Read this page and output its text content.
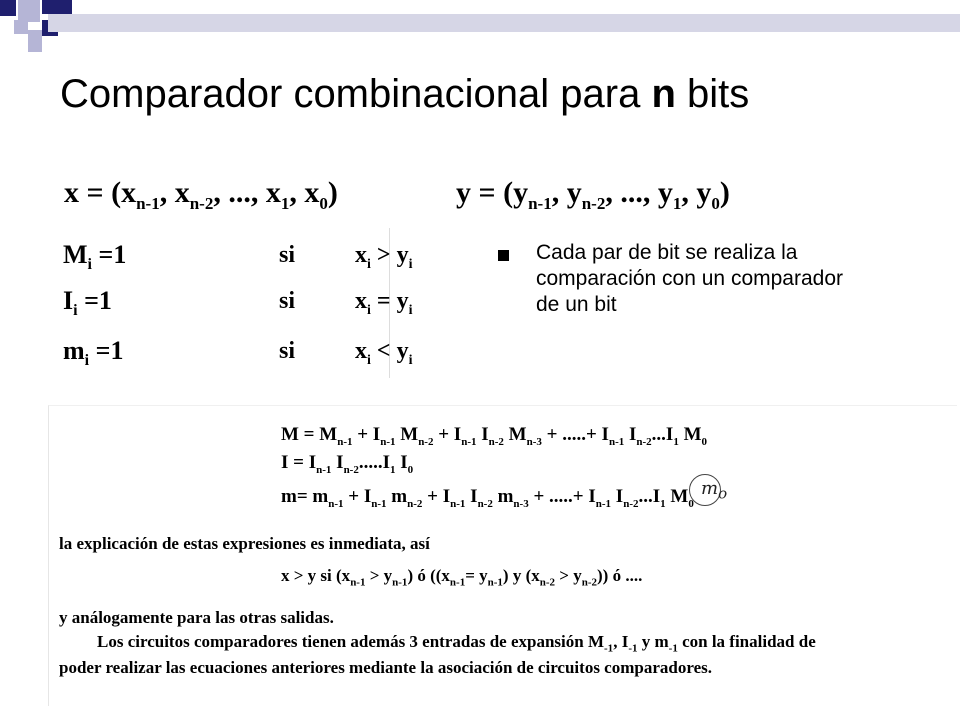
Comparador combinacional para n bits
$x = (x_{n-1}$, $x_{n-2}$, ..., $x_1$, $x_0$)	$y = (y_{n-1}$, $y_{n-2}$, ..., $y_1$, $y_0$)
$M_i =1$	si $x_i > y_i$
$I_i =1$	si $x_i = y_i$
$m_i =1$	si $x_i < y_i$
Cada par de bit se realiza la comparación con un comparador de un bit
$M = M_{n-1} + I_{n-1}$ $M_{n-2} + I_{n-1}$ $I_{n-2}$ $M_{n-3}$ + .....+ $I_{n-1}$ $I_{n-2}...I_1$ $M_0$
$I = I_{n-1}$ $I_{n-2}.....I_1$ $I_0$
$m= m_{n-1} + I_{n-1}$ $m_{n-2} + I_{n-1}$ $I_{n-2}$ $m_{n-3}$ + .....+ $I_{n-1}$ $I_{n-2}...I_1$ $M_0$
$m_o$
la explicación de estas expresiones es inmediata, así
x > y si $(x_{n-1} > y_{n-1})$ ó ($(x_{n-1}= y_{n-1})$ y $(x_{n-2} > y_{n-2})$) ó ....
y análogamente para las otras salidas.
Los circuitos comparadores tienen además 3 entradas de expansión $M_{-1}$, $I_{-1}$ y $m_{-1}$ con la finalidad de
poder realizar las ecuaciones anteriores mediante la asociación de circuitos comparadores.
